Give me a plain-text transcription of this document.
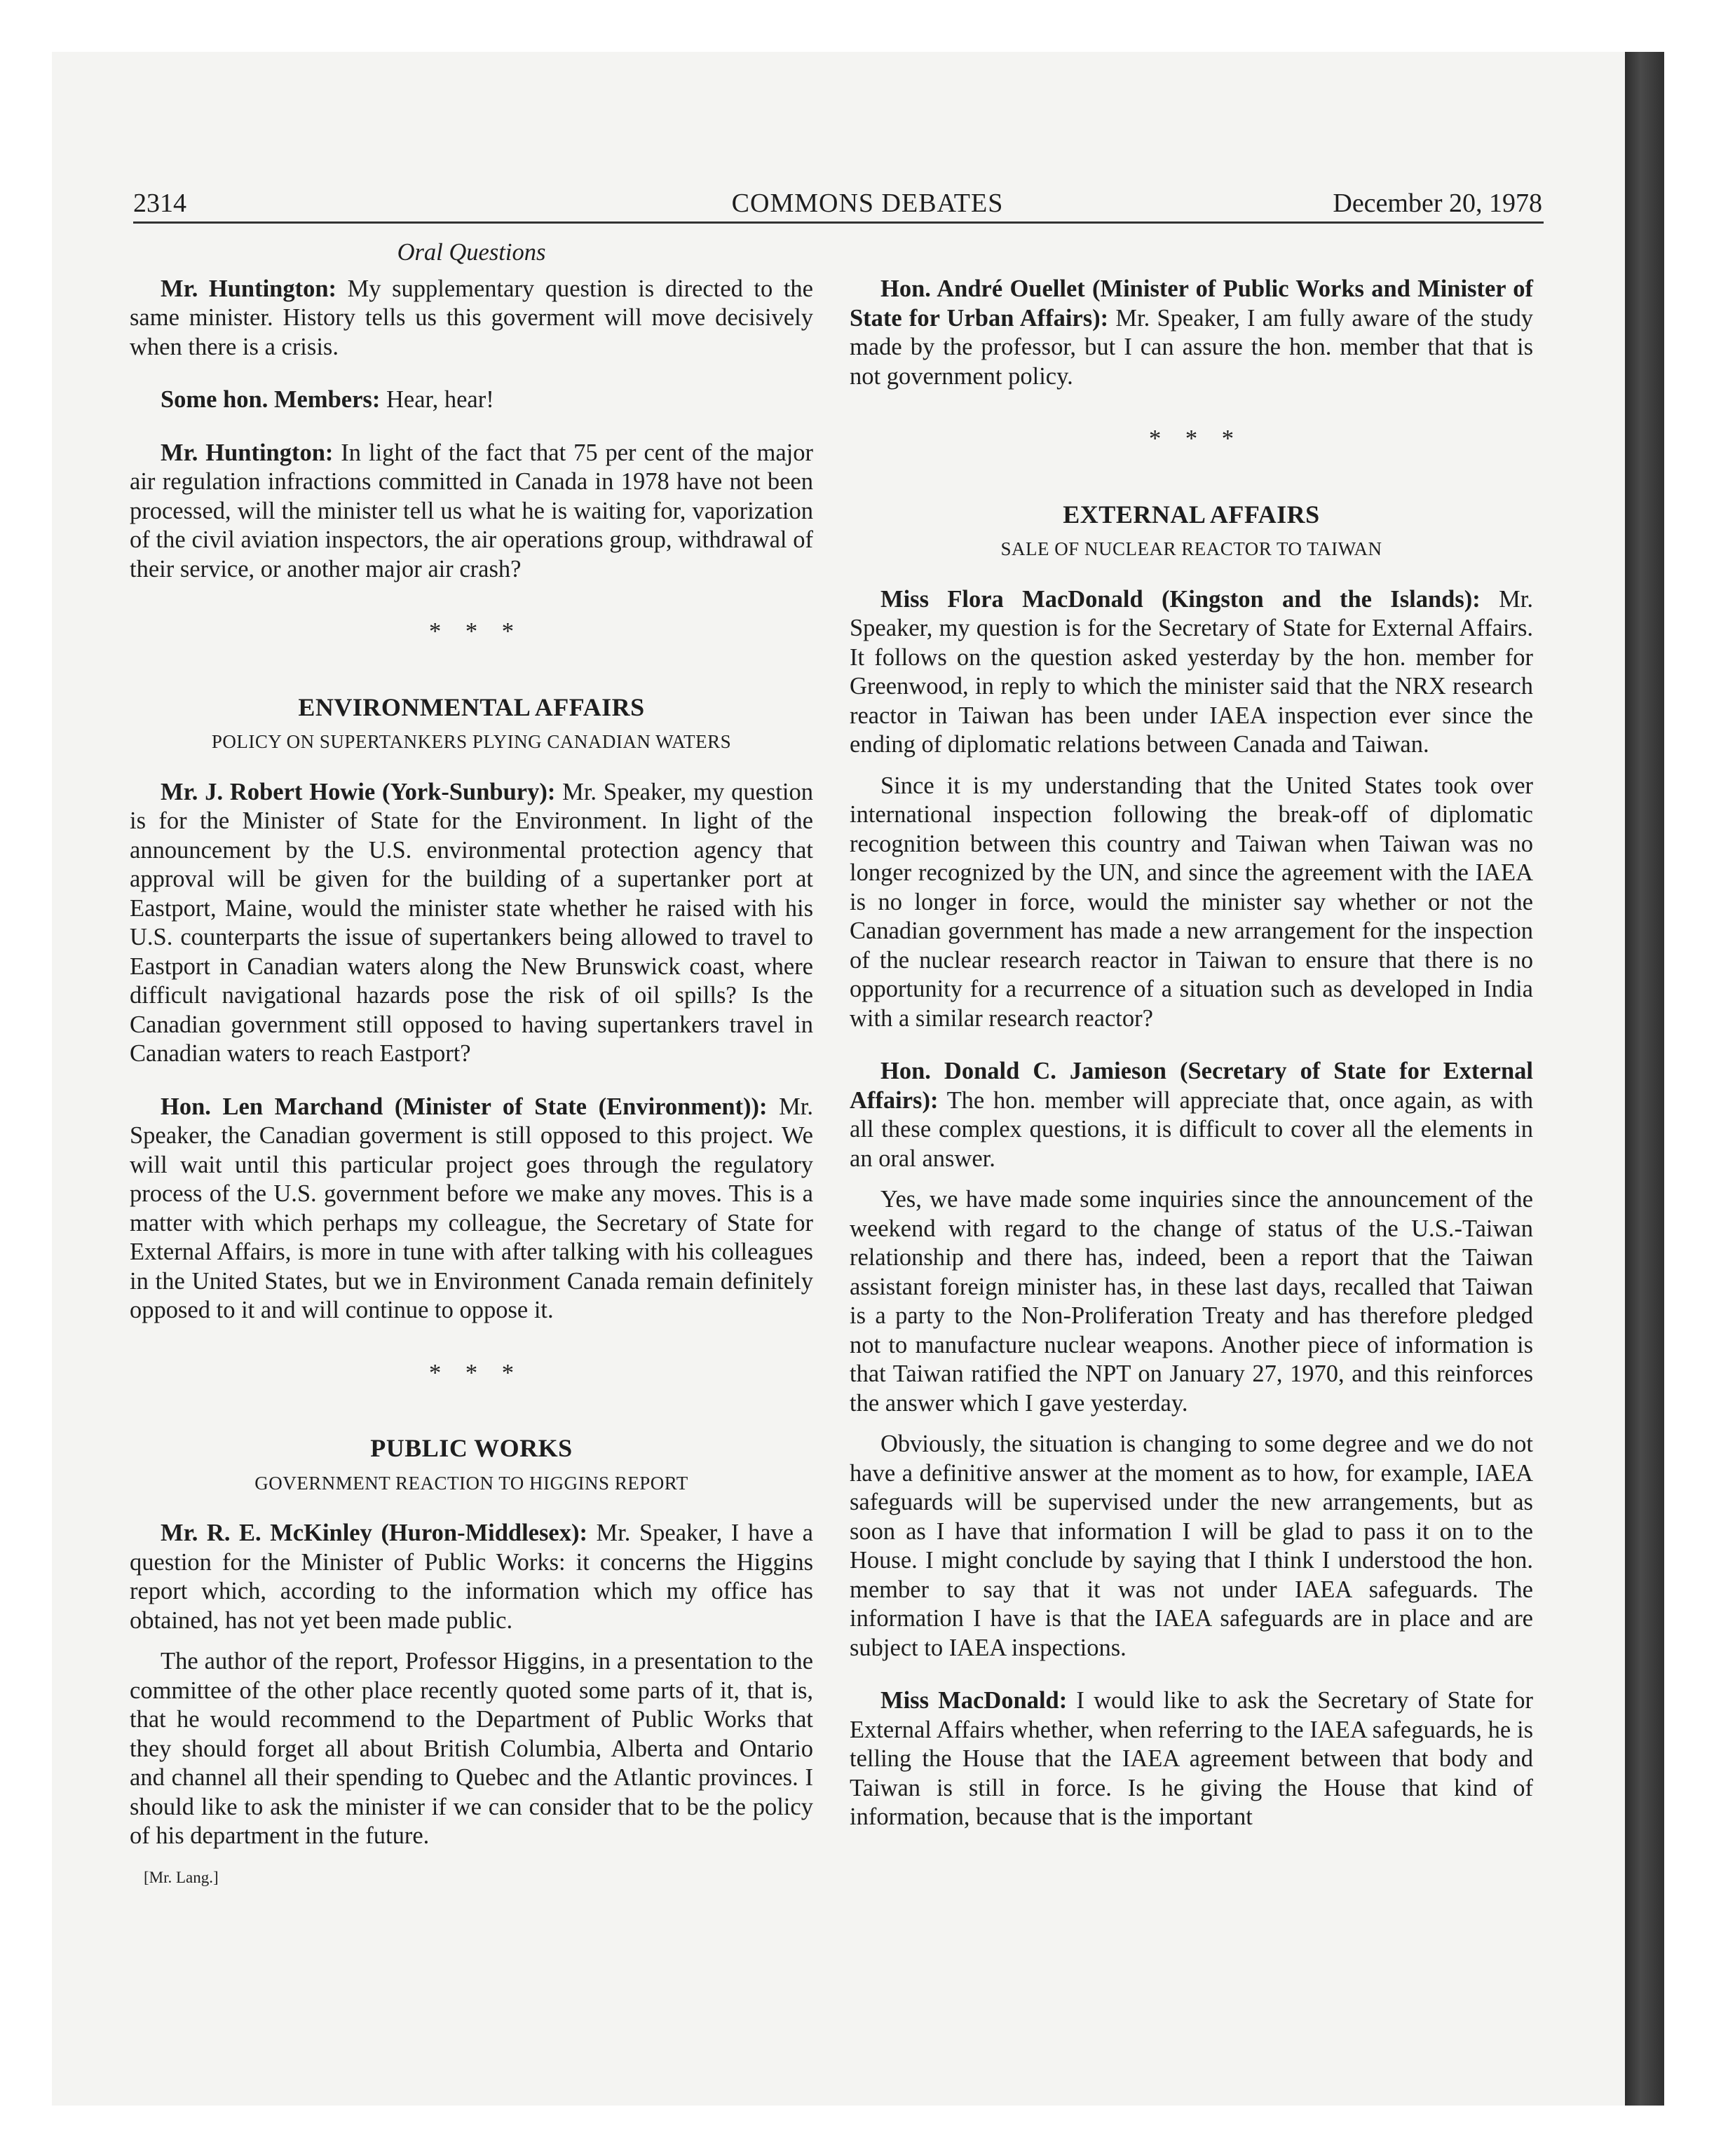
2314	COMMONS DEBATES	December 20, 1978
Oral Questions

Mr. Huntington: My supplementary question is directed to the same minister. History tells us this goverment will move decisively when there is a crisis.

Some hon. Members: Hear, hear!

Mr. Huntington: In light of the fact that 75 per cent of the major air regulation infractions committed in Canada in 1978 have not been processed, will the minister tell us what he is waiting for, vaporization of the civil aviation inspectors, the air operations group, withdrawal of their service, or another major air crash?

* * *
ENVIRONMENTAL AFFAIRS
POLICY ON SUPERTANKERS PLYING CANADIAN WATERS

Mr. J. Robert Howie (York-Sunbury): Mr. Speaker, my question is for the Minister of State for the Environment. In light of the announcement by the U.S. environmental protection agency that approval will be given for the building of a supertanker port at Eastport, Maine, would the minister state whether he raised with his U.S. counterparts the issue of supertankers being allowed to travel to Eastport in Canadian waters along the New Brunswick coast, where difficult navigational hazards pose the risk of oil spills? Is the Canadian government still opposed to having supertankers travel in Canadian waters to reach Eastport?

Hon. Len Marchand (Minister of State (Environment)): Mr. Speaker, the Canadian goverment is still opposed to this project. We will wait until this particular project goes through the regulatory process of the U.S. government before we make any moves. This is a matter with which perhaps my colleague, the Secretary of State for External Affairs, is more in tune with after talking with his colleagues in the United States, but we in Environment Canada remain definitely opposed to it and will continue to oppose it.

* * *
PUBLIC WORKS
GOVERNMENT REACTION TO HIGGINS REPORT

Mr. R. E. McKinley (Huron-Middlesex): Mr. Speaker, I have a question for the Minister of Public Works: it concerns the Higgins report which, according to the information which my office has obtained, has not yet been made public.

The author of the report, Professor Higgins, in a presentation to the committee of the other place recently quoted some parts of it, that is, that he would recommend to the Department of Public Works that they should forget all about British Columbia, Alberta and Ontario and channel all their spending to Quebec and the Atlantic provinces. I should like to ask the minister if we can consider that to be the policy of his department in the future.

[Mr. Lang.]

Hon. André Ouellet (Minister of Public Works and Minister of State for Urban Affairs): Mr. Speaker, I am fully aware of the study made by the professor, but I can assure the hon. member that that is not government policy.

* * *
EXTERNAL AFFAIRS
SALE OF NUCLEAR REACTOR TO TAIWAN

Miss Flora MacDonald (Kingston and the Islands): Mr. Speaker, my question is for the Secretary of State for External Affairs. It follows on the question asked yesterday by the hon. member for Greenwood, in reply to which the minister said that the NRX research reactor in Taiwan has been under IAEA inspection ever since the ending of diplomatic relations between Canada and Taiwan.

Since it is my understanding that the United States took over international inspection following the break-off of diplomatic recognition between this country and Taiwan when Taiwan was no longer recognized by the UN, and since the agreement with the IAEA is no longer in force, would the minister say whether or not the Canadian government has made a new arrangement for the inspection of the nuclear research reactor in Taiwan to ensure that there is no opportunity for a recurrence of a situation such as developed in India with a similar research reactor?

Hon. Donald C. Jamieson (Secretary of State for External Affairs): The hon. member will appreciate that, once again, as with all these complex questions, it is difficult to cover all the elements in an oral answer.

Yes, we have made some inquiries since the announcement of the weekend with regard to the change of status of the U.S.-Taiwan relationship and there has, indeed, been a report that the Taiwan assistant foreign minister has, in these last days, recalled that Taiwan is a party to the Non-Proliferation Treaty and has therefore pledged not to manufacture nuclear weapons. Another piece of information is that Taiwan ratified the NPT on January 27, 1970, and this reinforces the answer which I gave yesterday.

Obviously, the situation is changing to some degree and we do not have a definitive answer at the moment as to how, for example, IAEA safeguards will be supervised under the new arrangements, but as soon as I have that information I will be glad to pass it on to the House. I might conclude by saying that I think I understood the hon. member to say that it was not under IAEA safeguards. The information I have is that the IAEA safeguards are in place and are subject to IAEA inspections.

Miss MacDonald: I would like to ask the Secretary of State for External Affairs whether, when referring to the IAEA safeguards, he is telling the House that the IAEA agreement between that body and Taiwan is still in force. Is he giving the House that kind of information, because that is the important
